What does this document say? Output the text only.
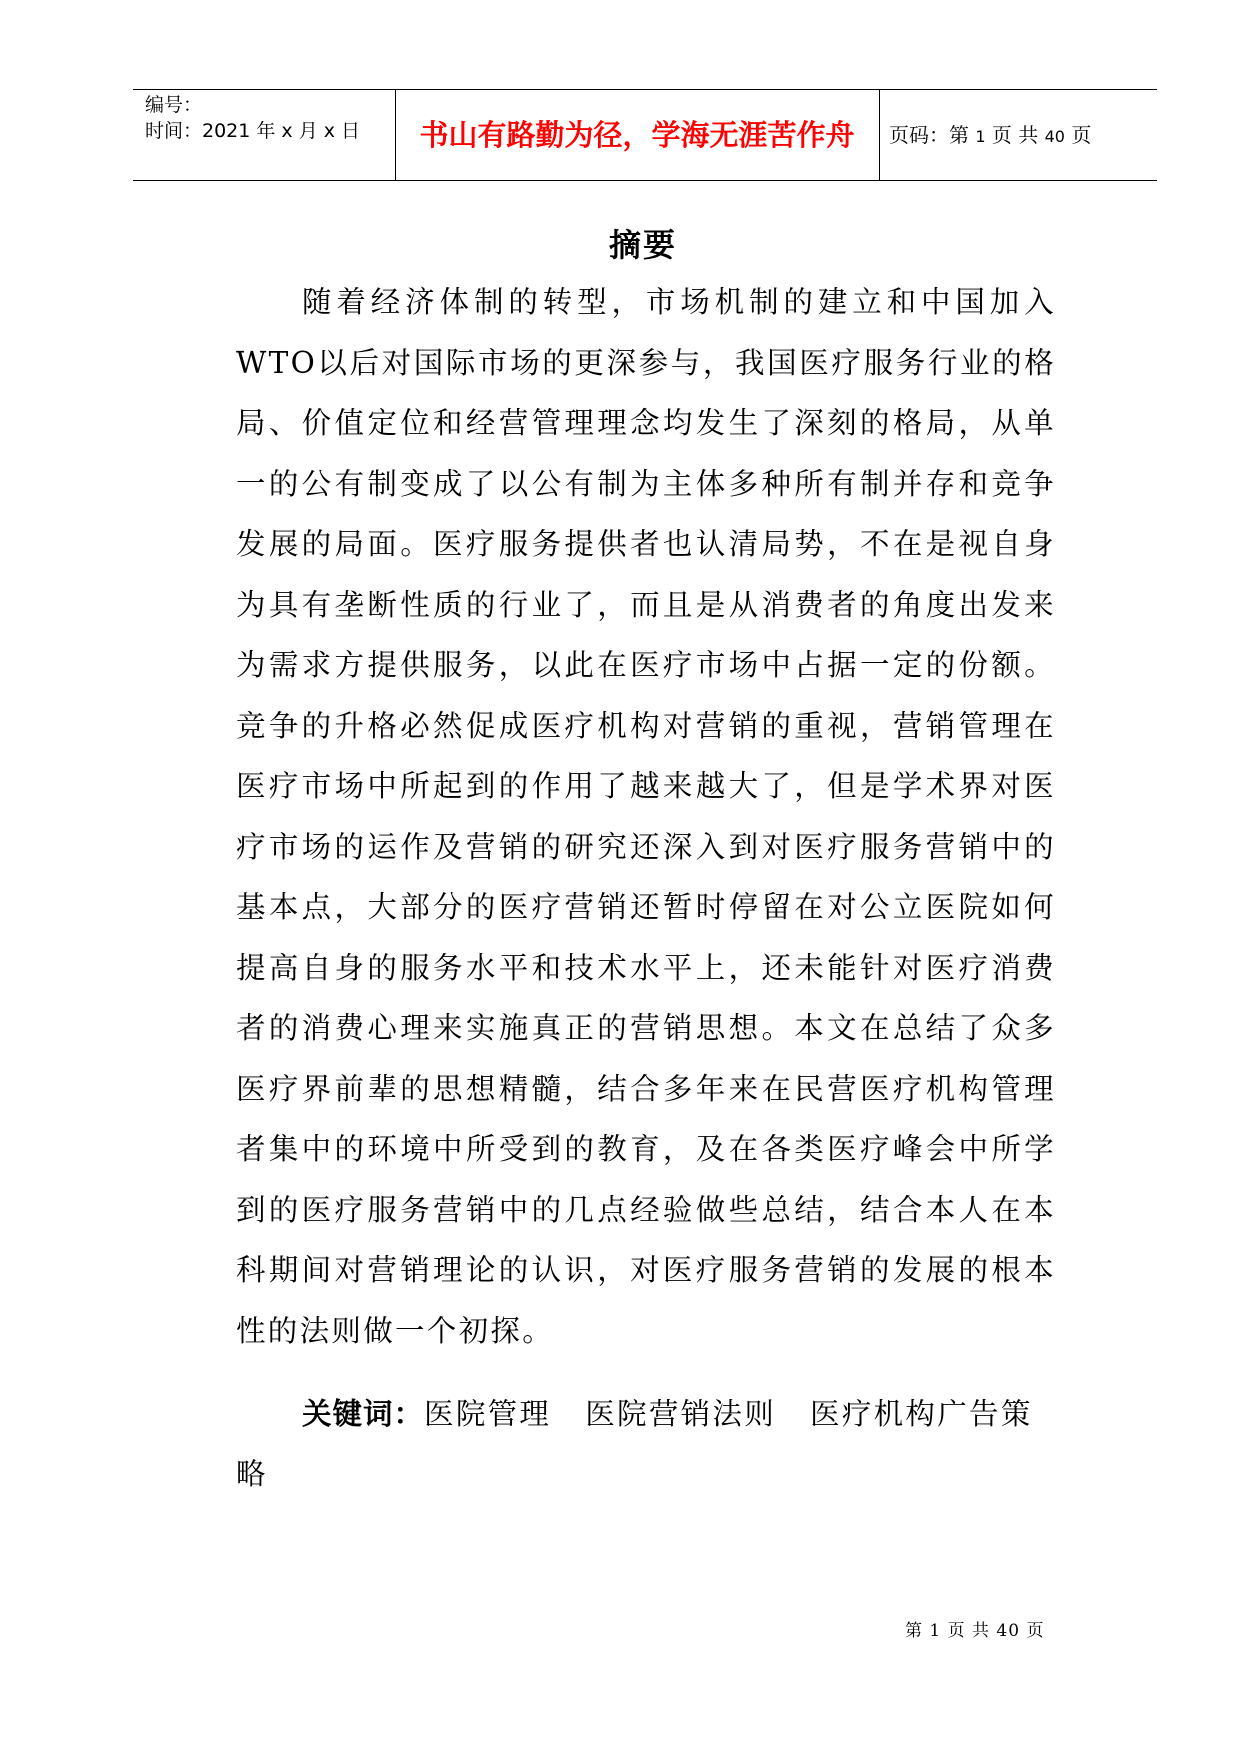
编号：
时间：2021 年 x 月 x 日	书山有路勤为径，学海无涯苦作舟	页码：第 1 页 共 40 页
摘要

随着经济体制的转型，市场机制的建立和中国加入WTO以后对国际市场的更深参与，我国医疗服务行业的格局、价值定位和经营管理理念均发生了深刻的格局，从单一的公有制变成了以公有制为主体多种所有制并存和竞争发展的局面。医疗服务提供者也认清局势，不在是视自身为具有垄断性质的行业了，而且是从消费者的角度出发来为需求方提供服务，以此在医疗市场中占据一定的份额。竞争的升格必然促成医疗机构对营销的重视，营销管理在医疗市场中所起到的作用了越来越大了，但是学术界对医疗市场的运作及营销的研究还深入到对医疗服务营销中的基本点，大部分的医疗营销还暂时停留在对公立医院如何提高自身的服务水平和技术水平上，还未能针对医疗消费者的消费心理来实施真正的营销思想。本文在总结了众多医疗界前辈的思想精髓，结合多年来在民营医疗机构管理者集中的环境中所受到的教育，及在各类医疗峰会中所学到的医疗服务营销中的几点经验做些总结，结合本人在本科期间对营销理论的认识，对医疗服务营销的发展的根本性的法则做一个初探。

关键词：医院管理 医院营销法则 医疗机构广告策略

第 1 页 共 40 页
